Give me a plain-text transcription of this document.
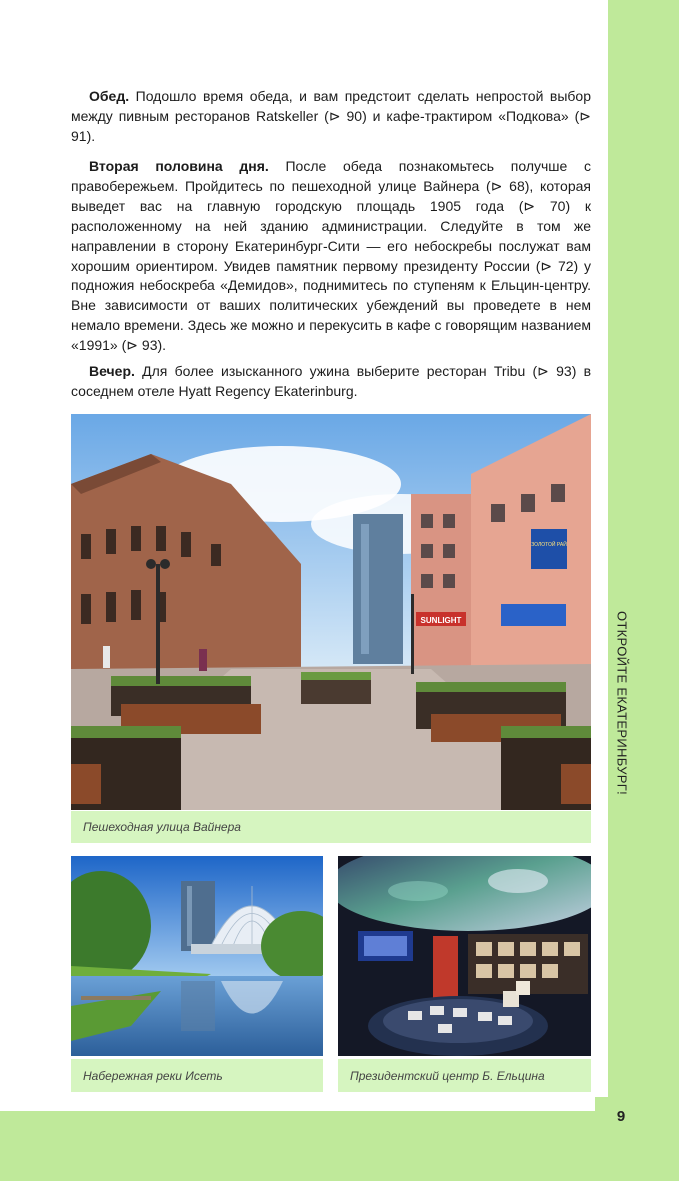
ОТКРОЙТЕ ЕКАТЕРИНБУРГ!
9

Обед. Подошло время обеда, и вам предстоит сделать непростой выбор между пивным ресторанов Ratskeller (⊳ 90) и кафе-трактиром «Подкова» (⊳ 91).

Вторая половина дня. После обеда познакомьтесь получше с правобережьем. Пройдитесь по пешеходной улице Вайнера (⊳ 68), которая выведет вас на главную городскую площадь 1905 года (⊳ 70) к расположенному на ней зданию администрации. Следуйте в том же направлении в сторону Екатеринбург-Сити — его небоскребы послужат вам хорошим ориентиром. Увидев памятник первому президенту России (⊳ 72) у подножия небоскреба «Демидов», поднимитесь по ступеням к Ельцин-центру. Вне зависимости от ваших политических убеждений вы проведете в нем немало времени. Здесь же можно и перекусить в кафе с говорящим названием «1991» (⊳ 93).

Вечер. Для более изысканного ужина выберите ресторан Tribu (⊳ 93) в соседнем отеле Hyatt Regency Ekaterinburg.

SUNLIGHT
ЗОЛОТОЙ РАЙ
Пешеходная улица Вайнера
Набережная реки Исеть	Президентский центр Б. Ельцина
